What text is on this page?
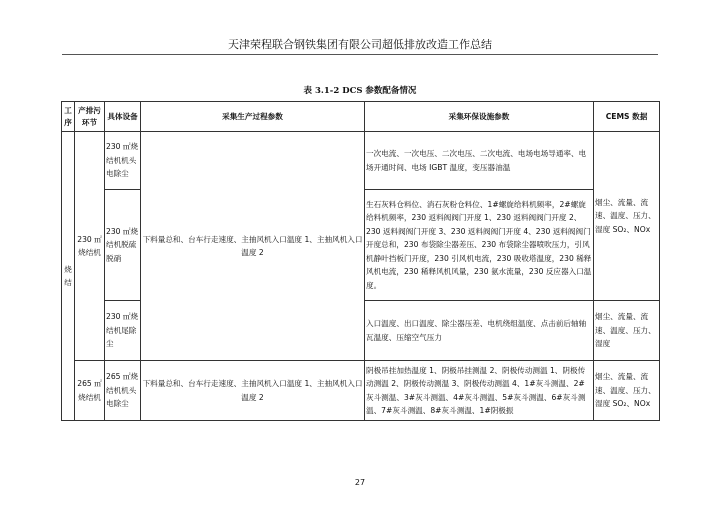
天津荣程联合钢铁集团有限公司超低排放改造工作总结
表 3.1-2 DCS 参数配备情况
工序	产排污环节	具体设备	采集生产过程参数	采集环保设施参数	CEMS 数据
烧结	230 ㎡烧结机	230 ㎡烧结机机头电除尘	下料量总和、台车行走速度、主抽风机入口温度 1、主抽风机入口温度 2	一次电流、一次电压、二次电压、二次电流、电场电场导通率、电场开通时间、电场 IGBT 温度，变压器油温	烟尘、流量、流速、温度、压力、湿度 SO₂、NOx
		230 ㎡烧结机脱硫脱硝		生石灰料仓料位、消石灰粉仓料位、1#螺旋给料机频率，2#螺旋给料机频率，230 返料阀阀门开度 1、230 返料阀阀门开度 2、230 返料阀阀门开度 3、230 返料阀阀门开度 4、230 返料阀阀门开度总和，230 布袋除尘器差压、230 布袋除尘器喷吹压力，引风机静叶挡板门开度，230 引风机电流，230 吸收塔温度，230 稀释风机电流，230 稀释风机风量，230 氨水流量，230 反应器入口温度。	
		230 ㎡烧结机尾除尘		入口温度、出口温度、除尘器压差、电机绕组温度、点击前后轴轴瓦温度、压缩空气压力	烟尘、流量、流速、温度、压力、湿度
	265 ㎡烧结机	265 ㎡烧结机机头电除尘	下料量总和、台车行走速度、主抽风机入口温度 1、主抽风机入口温度 2	阴极吊挂加热温度 1、阴极吊挂测温 2、阴极传动测温 1、阴极传动测温 2、阴极传动测温 3、阴极传动测温 4、1#灰斗测温、2#灰斗测温、3#灰斗测温、4#灰斗测温、5#灰斗测温、6#灰斗测温、7#灰斗测温、8#灰斗测温、1#阴极振	烟尘、流量、流速、温度、压力、湿度 SO₂、NOx
27
